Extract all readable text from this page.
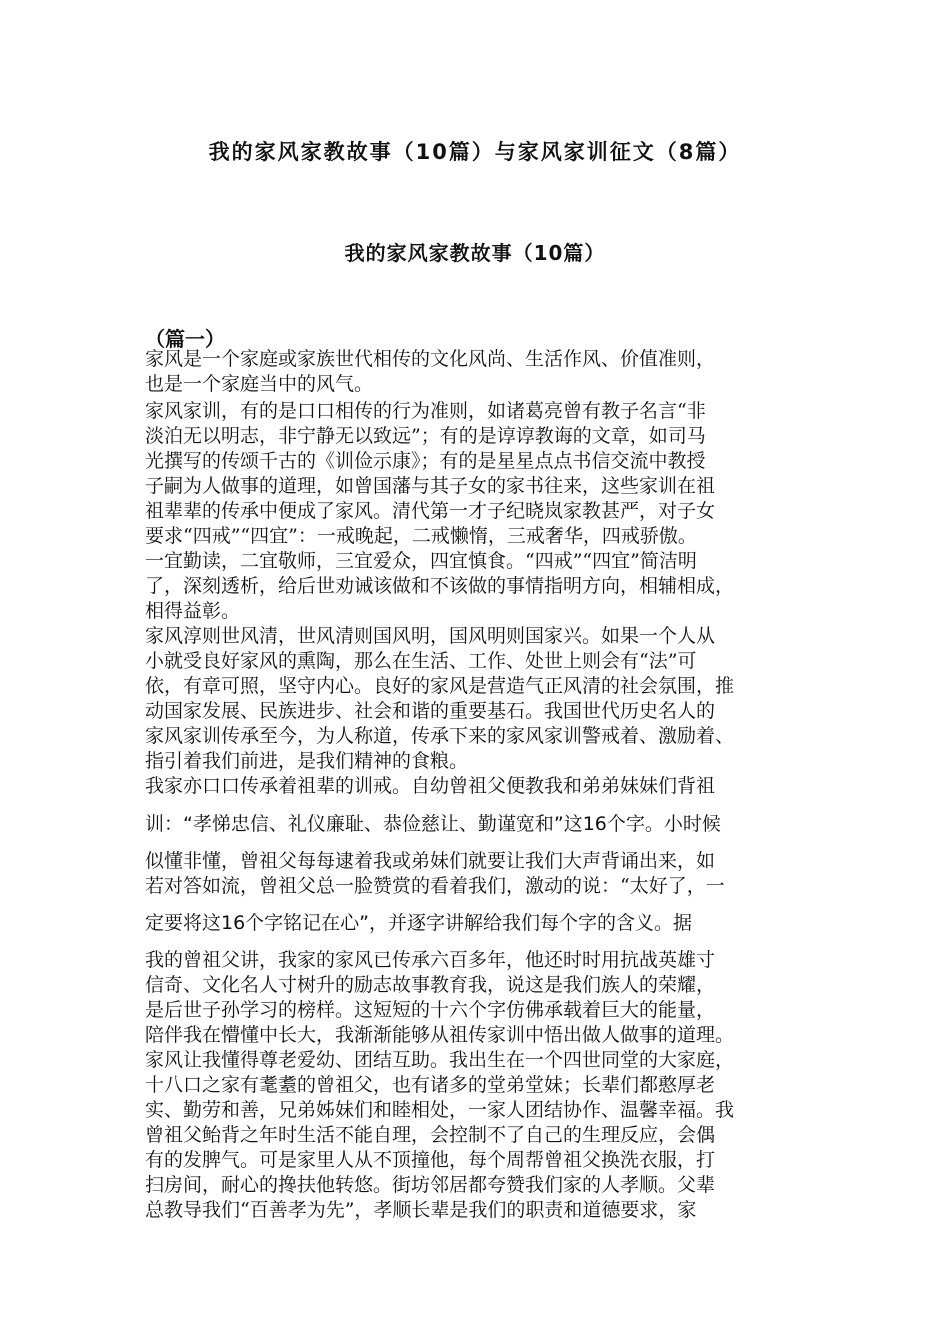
我的家风家教故事（10篇）与家风家训征文（8篇）
我的家风家教故事（10篇）
（篇一）
家风是一个家庭或家族世代相传的文化风尚、生活作风、价值准则，
也是一个家庭当中的风气。
家风家训，有的是口口相传的行为准则，如诸葛亮曾有教子名言“非
淡泊无以明志，非宁静无以致远”；有的是谆谆教诲的文章，如司马
光撰写的传颂千古的《训俭示康》；有的是星星点点书信交流中教授
子嗣为人做事的道理，如曾国藩与其子女的家书往来，这些家训在祖
祖辈辈的传承中便成了家风。清代第一才子纪晓岚家教甚严，对子女
要求“四戒”“四宜”：一戒晚起，二戒懒惰，三戒奢华，四戒骄傲。
一宜勤读，二宜敬师，三宜爱众，四宜慎食。“四戒”“四宜”简洁明
了，深刻透析，给后世劝诫该做和不该做的事情指明方向，相辅相成，
相得益彰。
家风淳则世风清，世风清则国风明，国风明则国家兴。如果一个人从
小就受良好家风的熏陶，那么在生活、工作、处世上则会有“法”可
依，有章可照，坚守内心。良好的家风是营造气正风清的社会氛围，推
动国家发展、民族进步、社会和谐的重要基石。我国世代历史名人的
家风家训传承至今，为人称道，传承下来的家风家训警戒着、激励着、
指引着我们前进，是我们精神的食粮。
我家亦口口传承着祖辈的训戒。自幼曾祖父便教我和弟弟妹妹们背祖
训：“孝悌忠信、礼仪廉耻、恭俭慈让、勤谨宽和”这16个字。小时候
似懂非懂，曾祖父每每逮着我或弟妹们就要让我们大声背诵出来，如
若对答如流，曾祖父总一脸赞赏的看着我们，激动的说：“太好了，一
定要将这16个字铭记在心”，并逐字讲解给我们每个字的含义。据
我的曾祖父讲，我家的家风已传承六百多年，他还时时用抗战英雄寸
信奇、文化名人寸树升的励志故事教育我，说这是我们族人的荣耀，
是后世子孙学习的榜样。这短短的十六个字仿佛承载着巨大的能量，
陪伴我在懵懂中长大，我渐渐能够从祖传家训中悟出做人做事的道理。
家风让我懂得尊老爱幼、团结互助。我出生在一个四世同堂的大家庭，
十八口之家有耄耋的曾祖父，也有诸多的堂弟堂妹；长辈们都憨厚老
实、勤劳和善，兄弟姊妹们和睦相处，一家人团结协作、温馨幸福。我
曾祖父鲐背之年时生活不能自理，会控制不了自己的生理反应，会偶
有的发脾气。可是家里人从不顶撞他，每个周帮曾祖父换洗衣服，打
扫房间，耐心的搀扶他转悠。街坊邻居都夸赞我们家的人孝顺。父辈
总教导我们“百善孝为先”，孝顺长辈是我们的职责和道德要求，家
